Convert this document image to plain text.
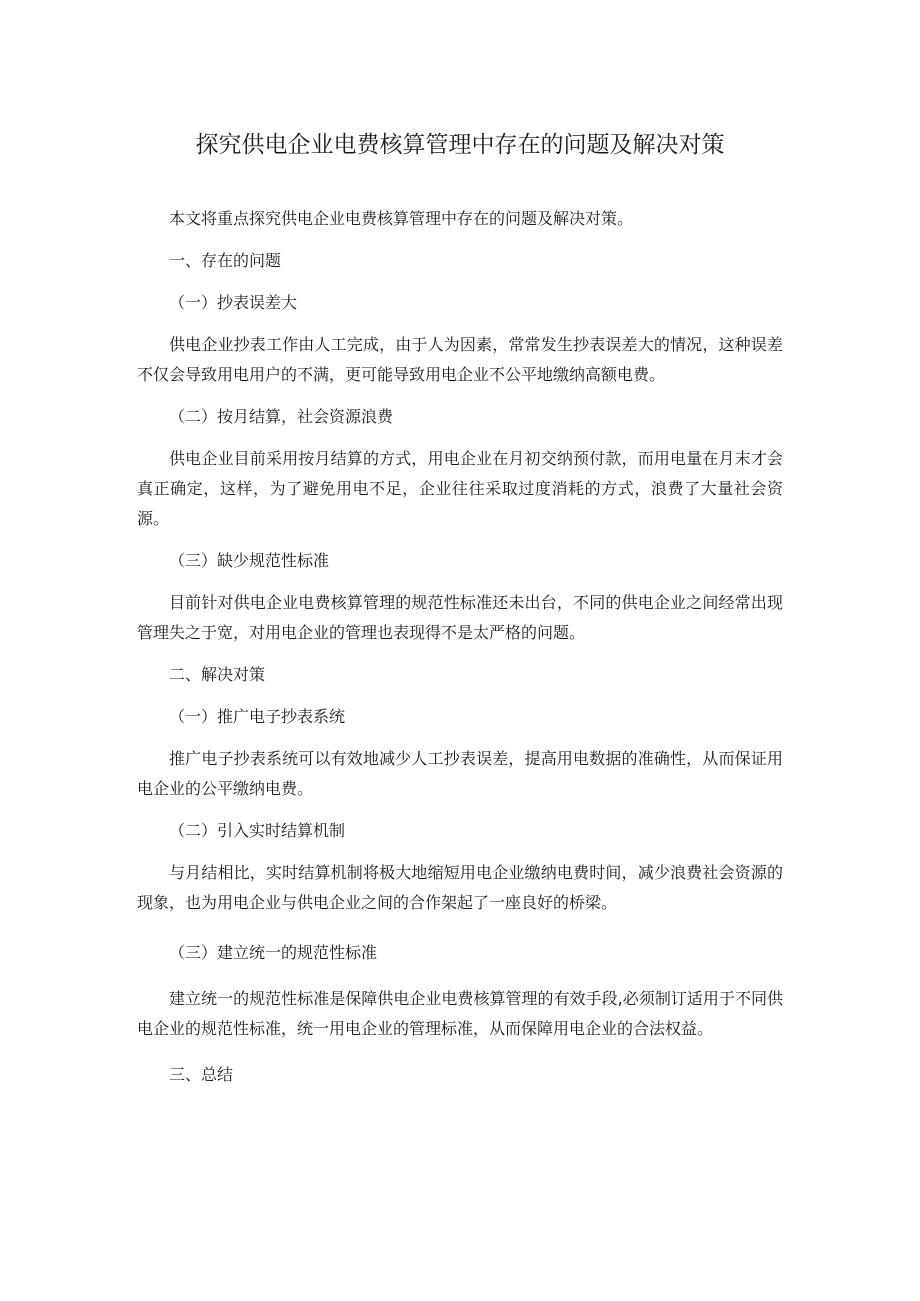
探究供电企业电费核算管理中存在的问题及解决对策

本文将重点探究供电企业电费核算管理中存在的问题及解决对策。

一、存在的问题

（一）抄表误差大

供电企业抄表工作由人工完成，由于人为因素，常常发生抄表误差大的情况，这种误差不仅会导致用电用户的不满，更可能导致用电企业不公平地缴纳高额电费。

（二）按月结算，社会资源浪费

供电企业目前采用按月结算的方式，用电企业在月初交纳预付款，而用电量在月末才会真正确定，这样，为了避免用电不足，企业往往采取过度消耗的方式，浪费了大量社会资源。

（三）缺少规范性标准

目前针对供电企业电费核算管理的规范性标准还未出台，不同的供电企业之间经常出现管理失之于宽，对用电企业的管理也表现得不是太严格的问题。

二、解决对策

（一）推广电子抄表系统

推广电子抄表系统可以有效地减少人工抄表误差，提高用电数据的准确性，从而保证用电企业的公平缴纳电费。

（二）引入实时结算机制

与月结相比，实时结算机制将极大地缩短用电企业缴纳电费时间，减少浪费社会资源的现象，也为用电企业与供电企业之间的合作架起了一座良好的桥梁。

（三）建立统一的规范性标准

建立统一的规范性标准是保障供电企业电费核算管理的有效手段,必须制订适用于不同供电企业的规范性标准，统一用电企业的管理标准，从而保障用电企业的合法权益。

三、总结
